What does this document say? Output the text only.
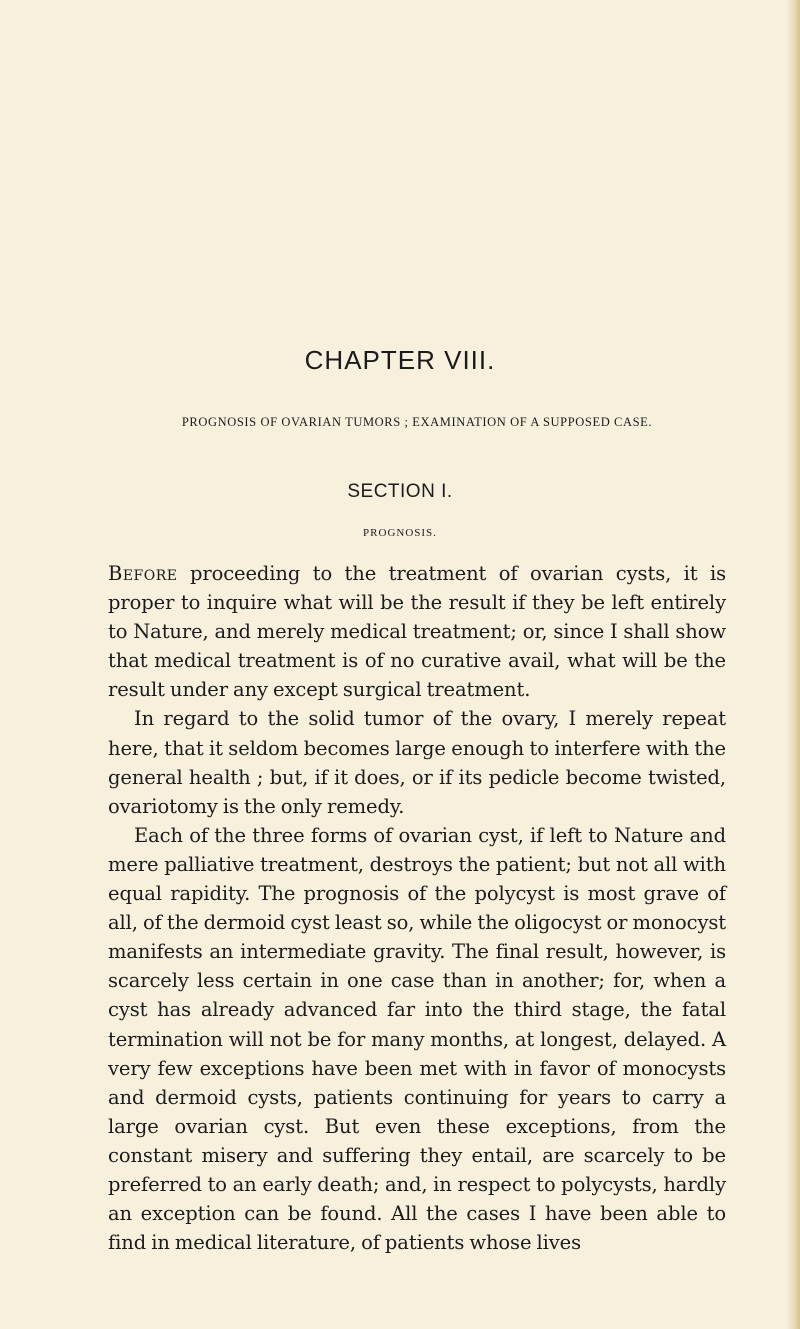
CHAPTER VIII.
PROGNOSIS OF OVARIAN TUMORS ; EXAMINATION OF A SUPPOSED CASE.
SECTION I.
PROGNOSIS.

Before proceeding to the treatment of ovarian cysts, it is proper to inquire what will be the result if they be left entirely to Nature, and merely medical treatment; or, since I shall show that medical treatment is of no curative avail, what will be the result under any except surgical treatment.

In regard to the solid tumor of the ovary, I merely repeat here, that it seldom becomes large enough to interfere with the general health ; but, if it does, or if its pedicle become twisted, ovariotomy is the only remedy.

Each of the three forms of ovarian cyst, if left to Nature and mere palliative treatment, destroys the patient; but not all with equal rapidity. The prognosis of the polycyst is most grave of all, of the dermoid cyst least so, while the oligocyst or monocyst manifests an intermediate gravity. The final result, however, is scarcely less certain in one case than in another; for, when a cyst has already advanced far into the third stage, the fatal termination will not be for many months, at longest, delayed. A very few exceptions have been met with in favor of monocysts and dermoid cysts, patients continuing for years to carry a large ovarian cyst. But even these exceptions, from the constant misery and suffering they entail, are scarcely to be preferred to an early death; and, in respect to polycysts, hardly an exception can be found. All the cases I have been able to find in medical literature, of patients whose lives
